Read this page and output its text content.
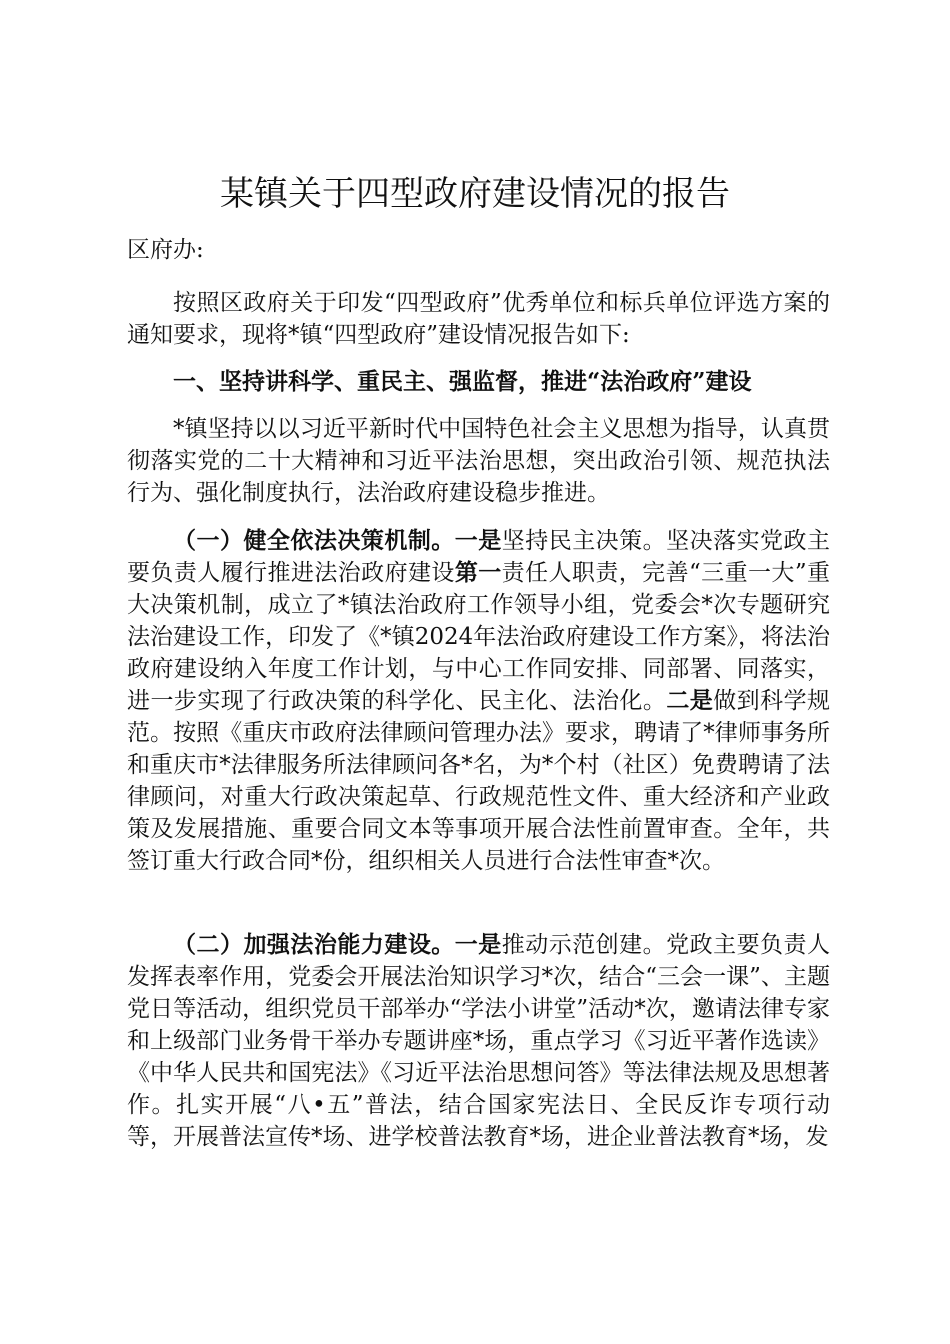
某镇关于四型政府建设情况的报告

区府办:

按照区政府关于印发“四型政府”优秀单位和标兵单位评选方案的通知要求，现将*镇“四型政府”建设情况报告如下:

一、坚持讲科学、重民主、强监督，推进“法治政府”建设

*镇坚持以以习近平新时代中国特色社会主义思想为指导，认真贯彻落实党的二十大精神和习近平法治思想，突出政治引领、规范执法行为、强化制度执行，法治政府建设稳步推进。

（一）健全依法决策机制。一是坚持民主决策。坚决落实党政主要负责人履行推进法治政府建设第一责任人职责，完善“三重一大”重大决策机制，成立了*镇法治政府工作领导小组，党委会*次专题研究法治建设工作，印发了《*镇2024年法治政府建设工作方案》，将法治政府建设纳入年度工作计划，与中心工作同安排、同部署、同落实，进一步实现了行政决策的科学化、民主化、法治化。二是做到科学规范。按照《重庆市政府法律顾问管理办法》要求，聘请了*律师事务所和重庆市*法律服务所法律顾问各*名，为*个村（社区）免费聘请了法律顾问，对重大行政决策起草、行政规范性文件、重大经济和产业政策及发展措施、重要合同文本等事项开展合法性前置审查。全年，共签订重大行政合同*份，组织相关人员进行合法性审查*次。

（二）加强法治能力建设。一是推动示范创建。党政主要负责人发挥表率作用，党委会开展法治知识学习*次，结合“三会一课”、主题党日等活动，组织党员干部举办“学法小讲堂”活动*次，邀请法律专家和上级部门业务骨干举办专题讲座*场，重点学习《习近平著作选读》《中华人民共和国宪法》《习近平法治思想问答》等法律法规及思想著作。扎实开展“八•五”普法，结合国家宪法日、全民反诈专项行动等，开展普法宣传*场、进学校普法教育*场，进企业普法教育*场，发
